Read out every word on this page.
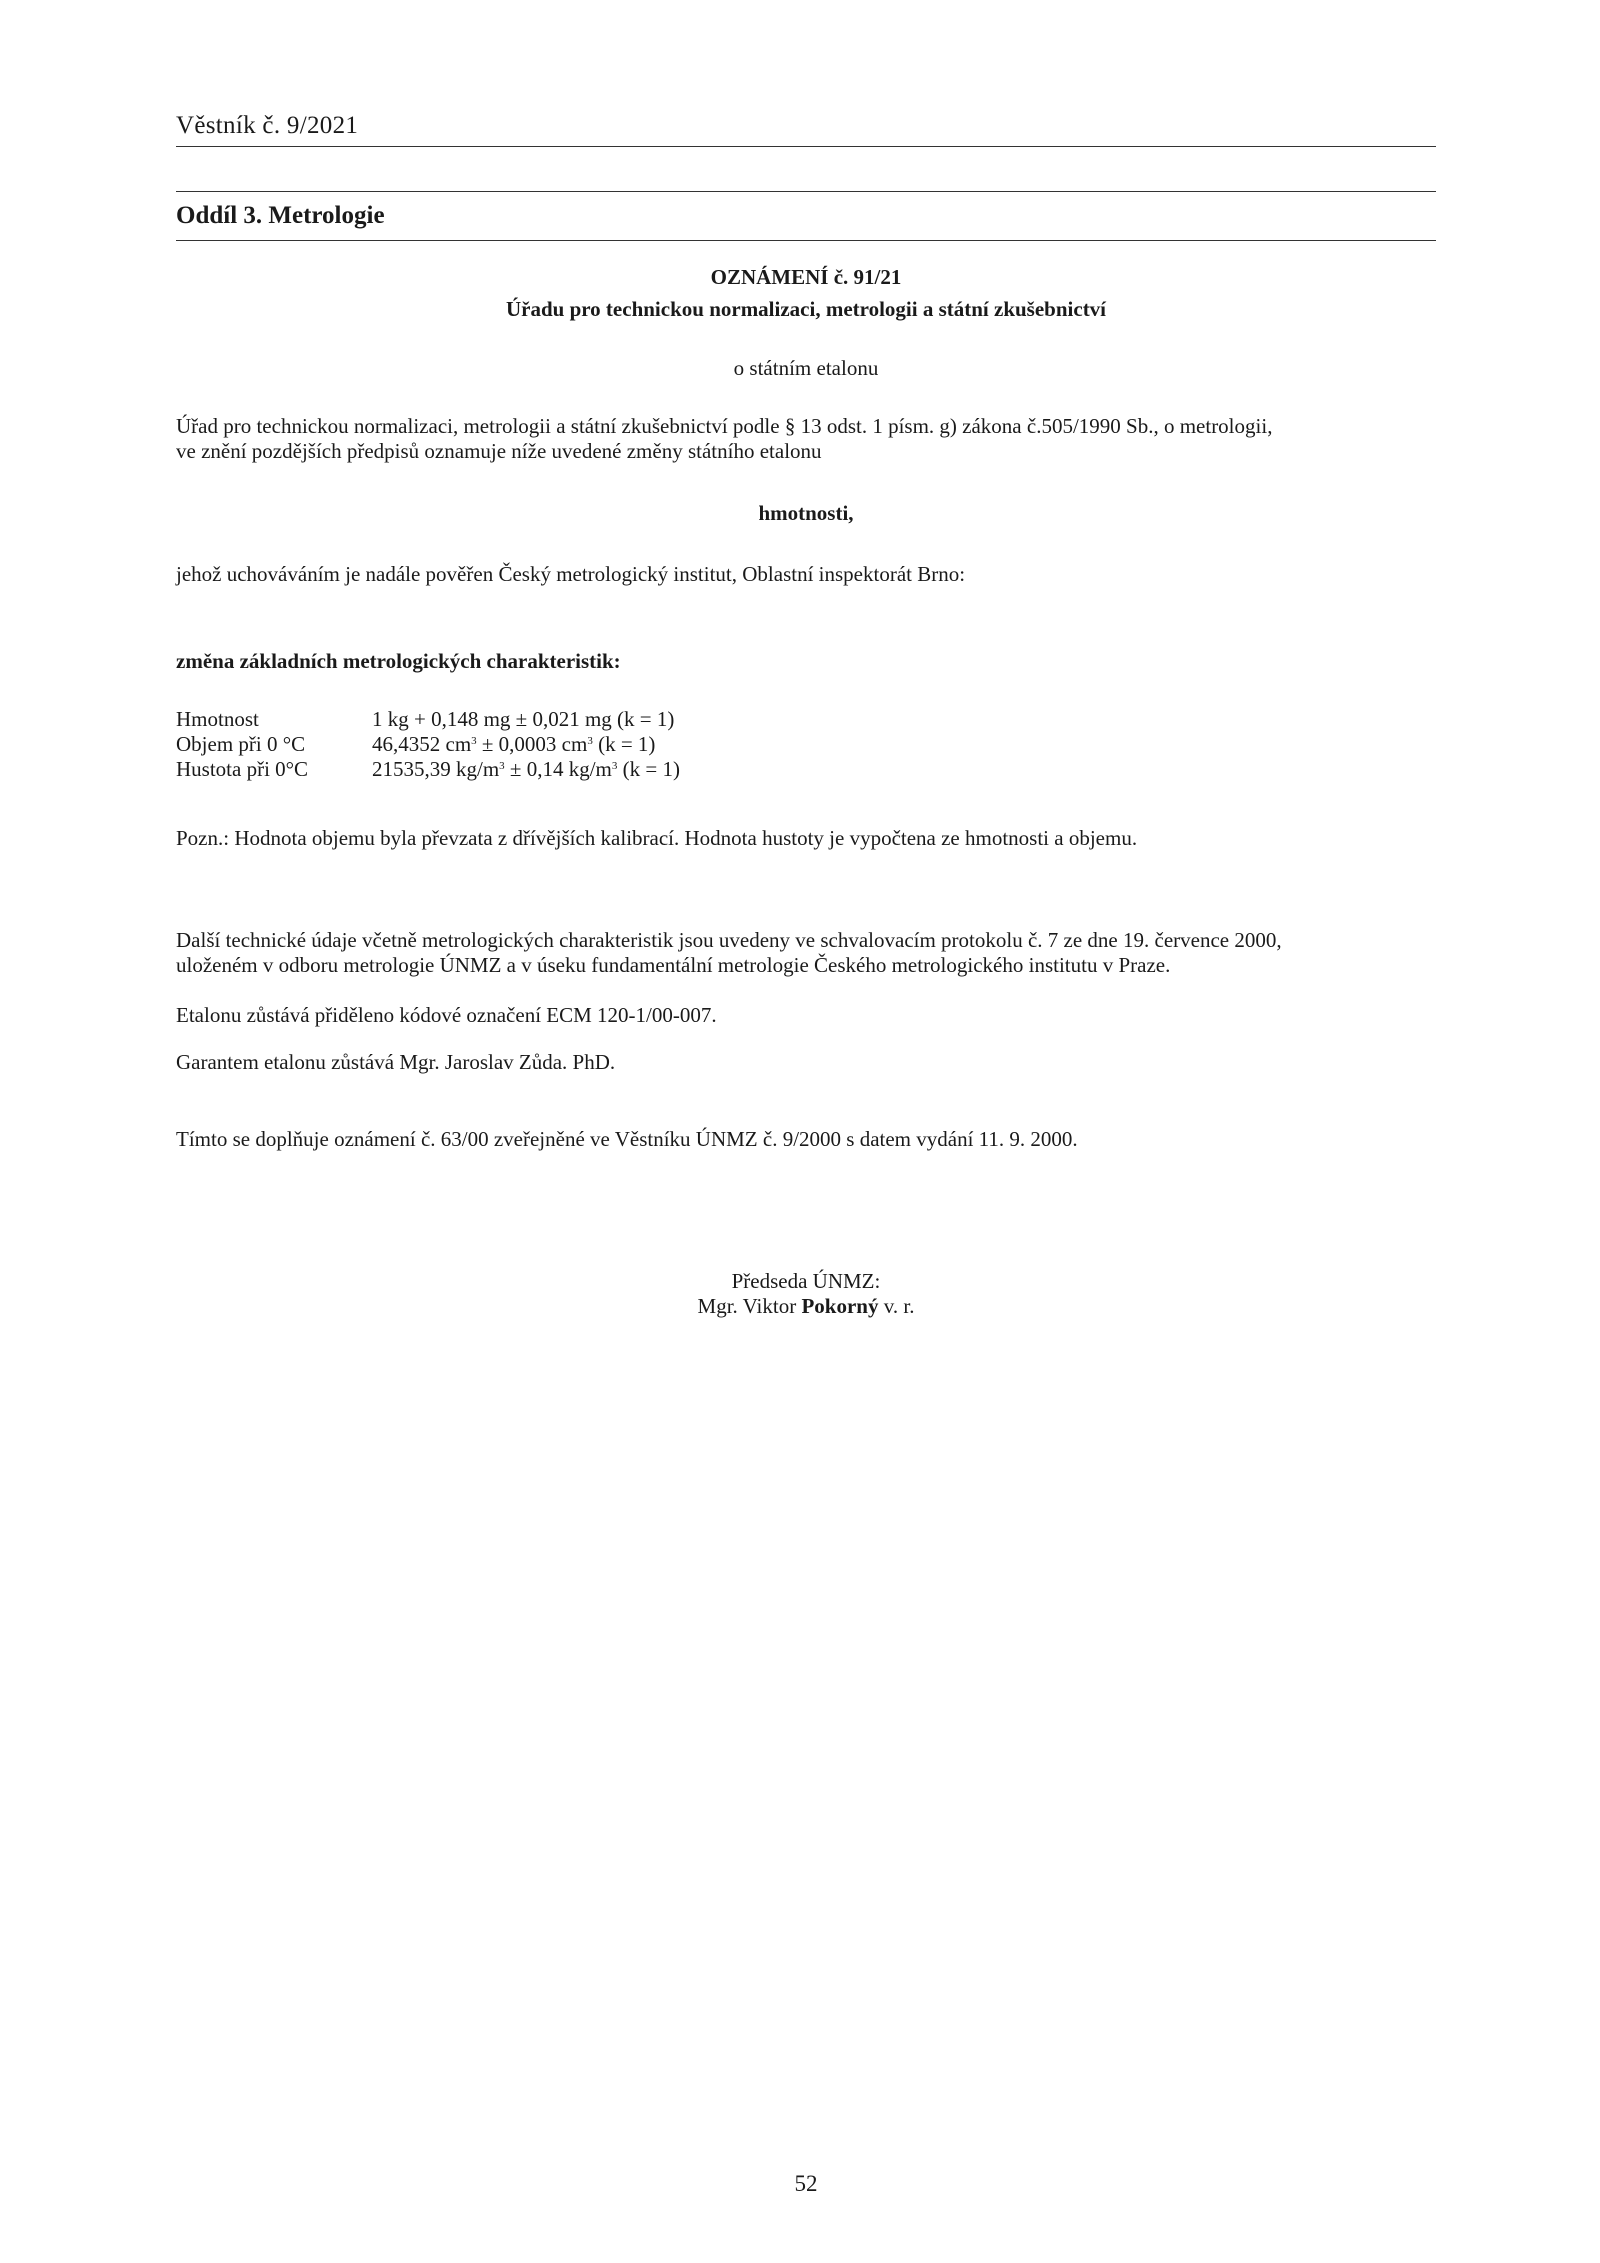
Věstník č. 9/2021
Oddíl 3. Metrologie
OZNÁMENÍ č. 91/21
Úřadu pro technickou normalizaci, metrologii a státní zkušebnictví
o státním etalonu
Úřad pro technickou normalizaci, metrologii a státní zkušebnictví podle § 13 odst. 1 písm. g) zákona č.505/1990 Sb., o metrologii,
ve znění pozdějších předpisů oznamuje níže uvedené změny státního etalonu
hmotnosti,
jehož uchováváním je nadále pověřen Český metrologický institut, Oblastní inspektorát Brno:
změna základních metrologických charakteristik:
Hmotnost	1 kg + 0,148 mg ± 0,021 mg (k = 1)
Objem při 0 °C	46,4352 $cm^3 \pm 0,0003$ $cm^3$ (k = 1)
Hustota při 0°C	21535,39 $kg/m^3 \pm 0,14$ $kg/m^3$ (k = 1)
Pozn.: Hodnota objemu byla převzata z dřívějších kalibrací. Hodnota hustoty je vypočtena ze hmotnosti a objemu.
Další technické údaje včetně metrologických charakteristik jsou uvedeny ve schvalovacím protokolu č. 7 ze dne 19. července 2000,
uloženém v odboru metrologie ÚNMZ a v úseku fundamentální metrologie Českého metrologického institutu v Praze.
Etalonu zůstává přiděleno kódové označení ECM 120-1/00-007.
Garantem etalonu zůstává Mgr. Jaroslav Zůda. PhD.
Tímto se doplňuje oznámení č. 63/00 zveřejněné ve Věstníku ÚNMZ č. 9/2000 s datem vydání 11. 9. 2000.
Předseda ÚNMZ:
Mgr. Viktor Pokorný v. r.
52
